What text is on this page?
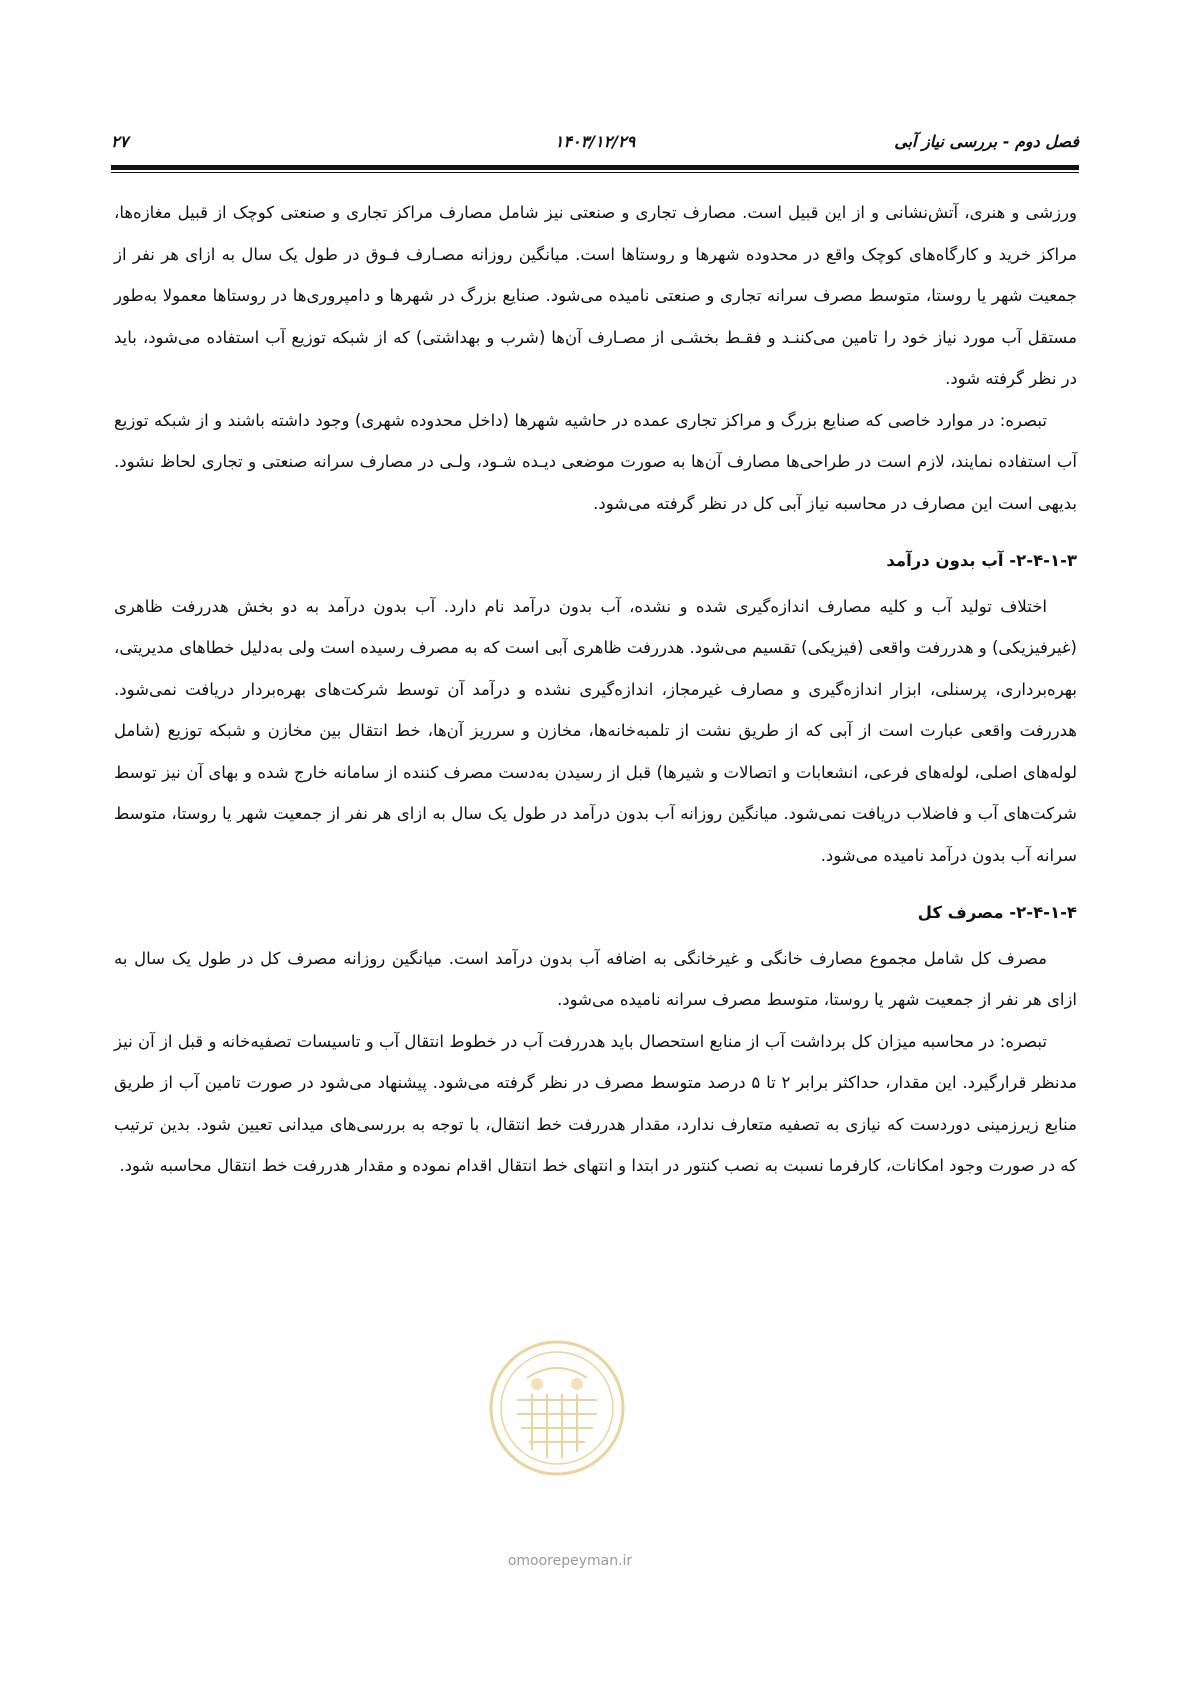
فصل دوم - بررسی نیاز آبی
۱۴۰۳/۱۲/۲۹
۲۷

ورزشی و هنری، آتش‌نشانی و از این قبیل است. مصارف تجاری و صنعتی نیز شامل مصارف مراکز تجاری و صنعتی کوچک از قبیل مغازه‌ها، مراکز خرید و کارگاه‌های کوچک واقع در محدوده شهرها و روستاها است. میانگین روزانه مصـارف فـوق در طول یک سال به ازای هر نفر از جمعیت شهر یا روستا، متوسط مصرف سرانه تجاری و صنعتی نامیده می‌شود. صنایع بزرگ در شهرها و دامپروری‌ها در روستاها معمولا به‌طور مستقل آب مورد نیاز خود را تامین می‌کننـد و فقـط بخشـی از مصـارف آن‌ها (شرب و بهداشتی) که از شبکه توزیع آب استفاده می‌شود، باید در نظر گرفته شود.

تبصره: در موارد خاصی که صنایع بزرگ و مراکز تجاری عمده در حاشیه شهرها (داخل محدوده شهری) وجود داشته باشند و از شبکه توزیع آب استفاده نمایند، لازم است در طراحی‌ها مصارف آن‌ها به صورت موضعی دیـده شـود، ولـی در مصارف سرانه صنعتی و تجاری لحاظ نشود. بدیهی است این مصارف در محاسبه نیاز آبی کل در نظر گرفته می‌شود.

۲-۴-۱-۳- آب بدون درآمد

اختلاف تولید آب و کلیه مصارف اندازه‌گیری شده و نشده، آب بدون درآمد نام دارد. آب بدون درآمد به دو بخش هدررفت ظاهری (غیرفیزیکی) و هدررفت واقعی (فیزیکی) تقسیم می‌شود. هدررفت ظاهری آبی است که به مصرف رسیده است ولی به‌دلیل خطاهای مدیریتی، بهره‌برداری، پرسنلی، ابزار اندازه‌گیری و مصارف غیرمجاز، اندازه‌گیری نشده و درآمد آن توسط شرکت‌های بهره‌بردار دریافت نمی‌شود. هدررفت واقعی عبارت است از آبی که از طریق نشت از تلمبه‌خانه‌ها، مخازن و سرریز آن‌ها، خط انتقال بین مخازن و شبکه توزیع (شامل لوله‌های اصلی، لوله‌های فرعی، انشعابات و اتصالات و شیرها) قبل از رسیدن به‌دست مصرف کننده از سامانه خارج شده و بهای آن نیز توسط شرکت‌های آب و فاضلاب دریافت نمی‌شود. میانگین روزانه آب بدون درآمد در طول یک سال به ازای هر نفر از جمعیت شهر یا روستا، متوسط سرانه آب بدون درآمد نامیده می‌شود.

۲-۴-۱-۴- مصرف کل

مصرف کل شامل مجموع مصارف خانگی و غیرخانگی به اضافه آب بدون درآمد است. میانگین روزانه مصرف کل در طول یک سال به ازای هر نفر از جمعیت شهر یا روستا، متوسط مصرف سرانه نامیده می‌شود.

تبصره: در محاسبه میزان کل برداشت آب از منابع استحصال باید هدررفت آب در خطوط انتقال آب و تاسیسات تصفیه‌خانه و قبل از آن نیز مدنظر قرارگیرد. این مقدار، حداکثر برابر ۲ تا ۵ درصد متوسط مصرف در نظر گرفته می‌شود. پیشنهاد می‌شود در صورت تامین آب از طریق منابع زیرزمینی دوردست که نیازی به تصفیه متعارف ندارد، مقدار هدررفت خط انتقال، با توجه به بررسی‌های میدانی تعیین شود. بدین ترتیب که در صورت وجود امکانات، کارفرما نسبت به نصب کنتور در ابتدا و انتهای خط انتقال اقدام نموده و مقدار هدررفت خط انتقال محاسبه شود.

omoorepeyman.ir
